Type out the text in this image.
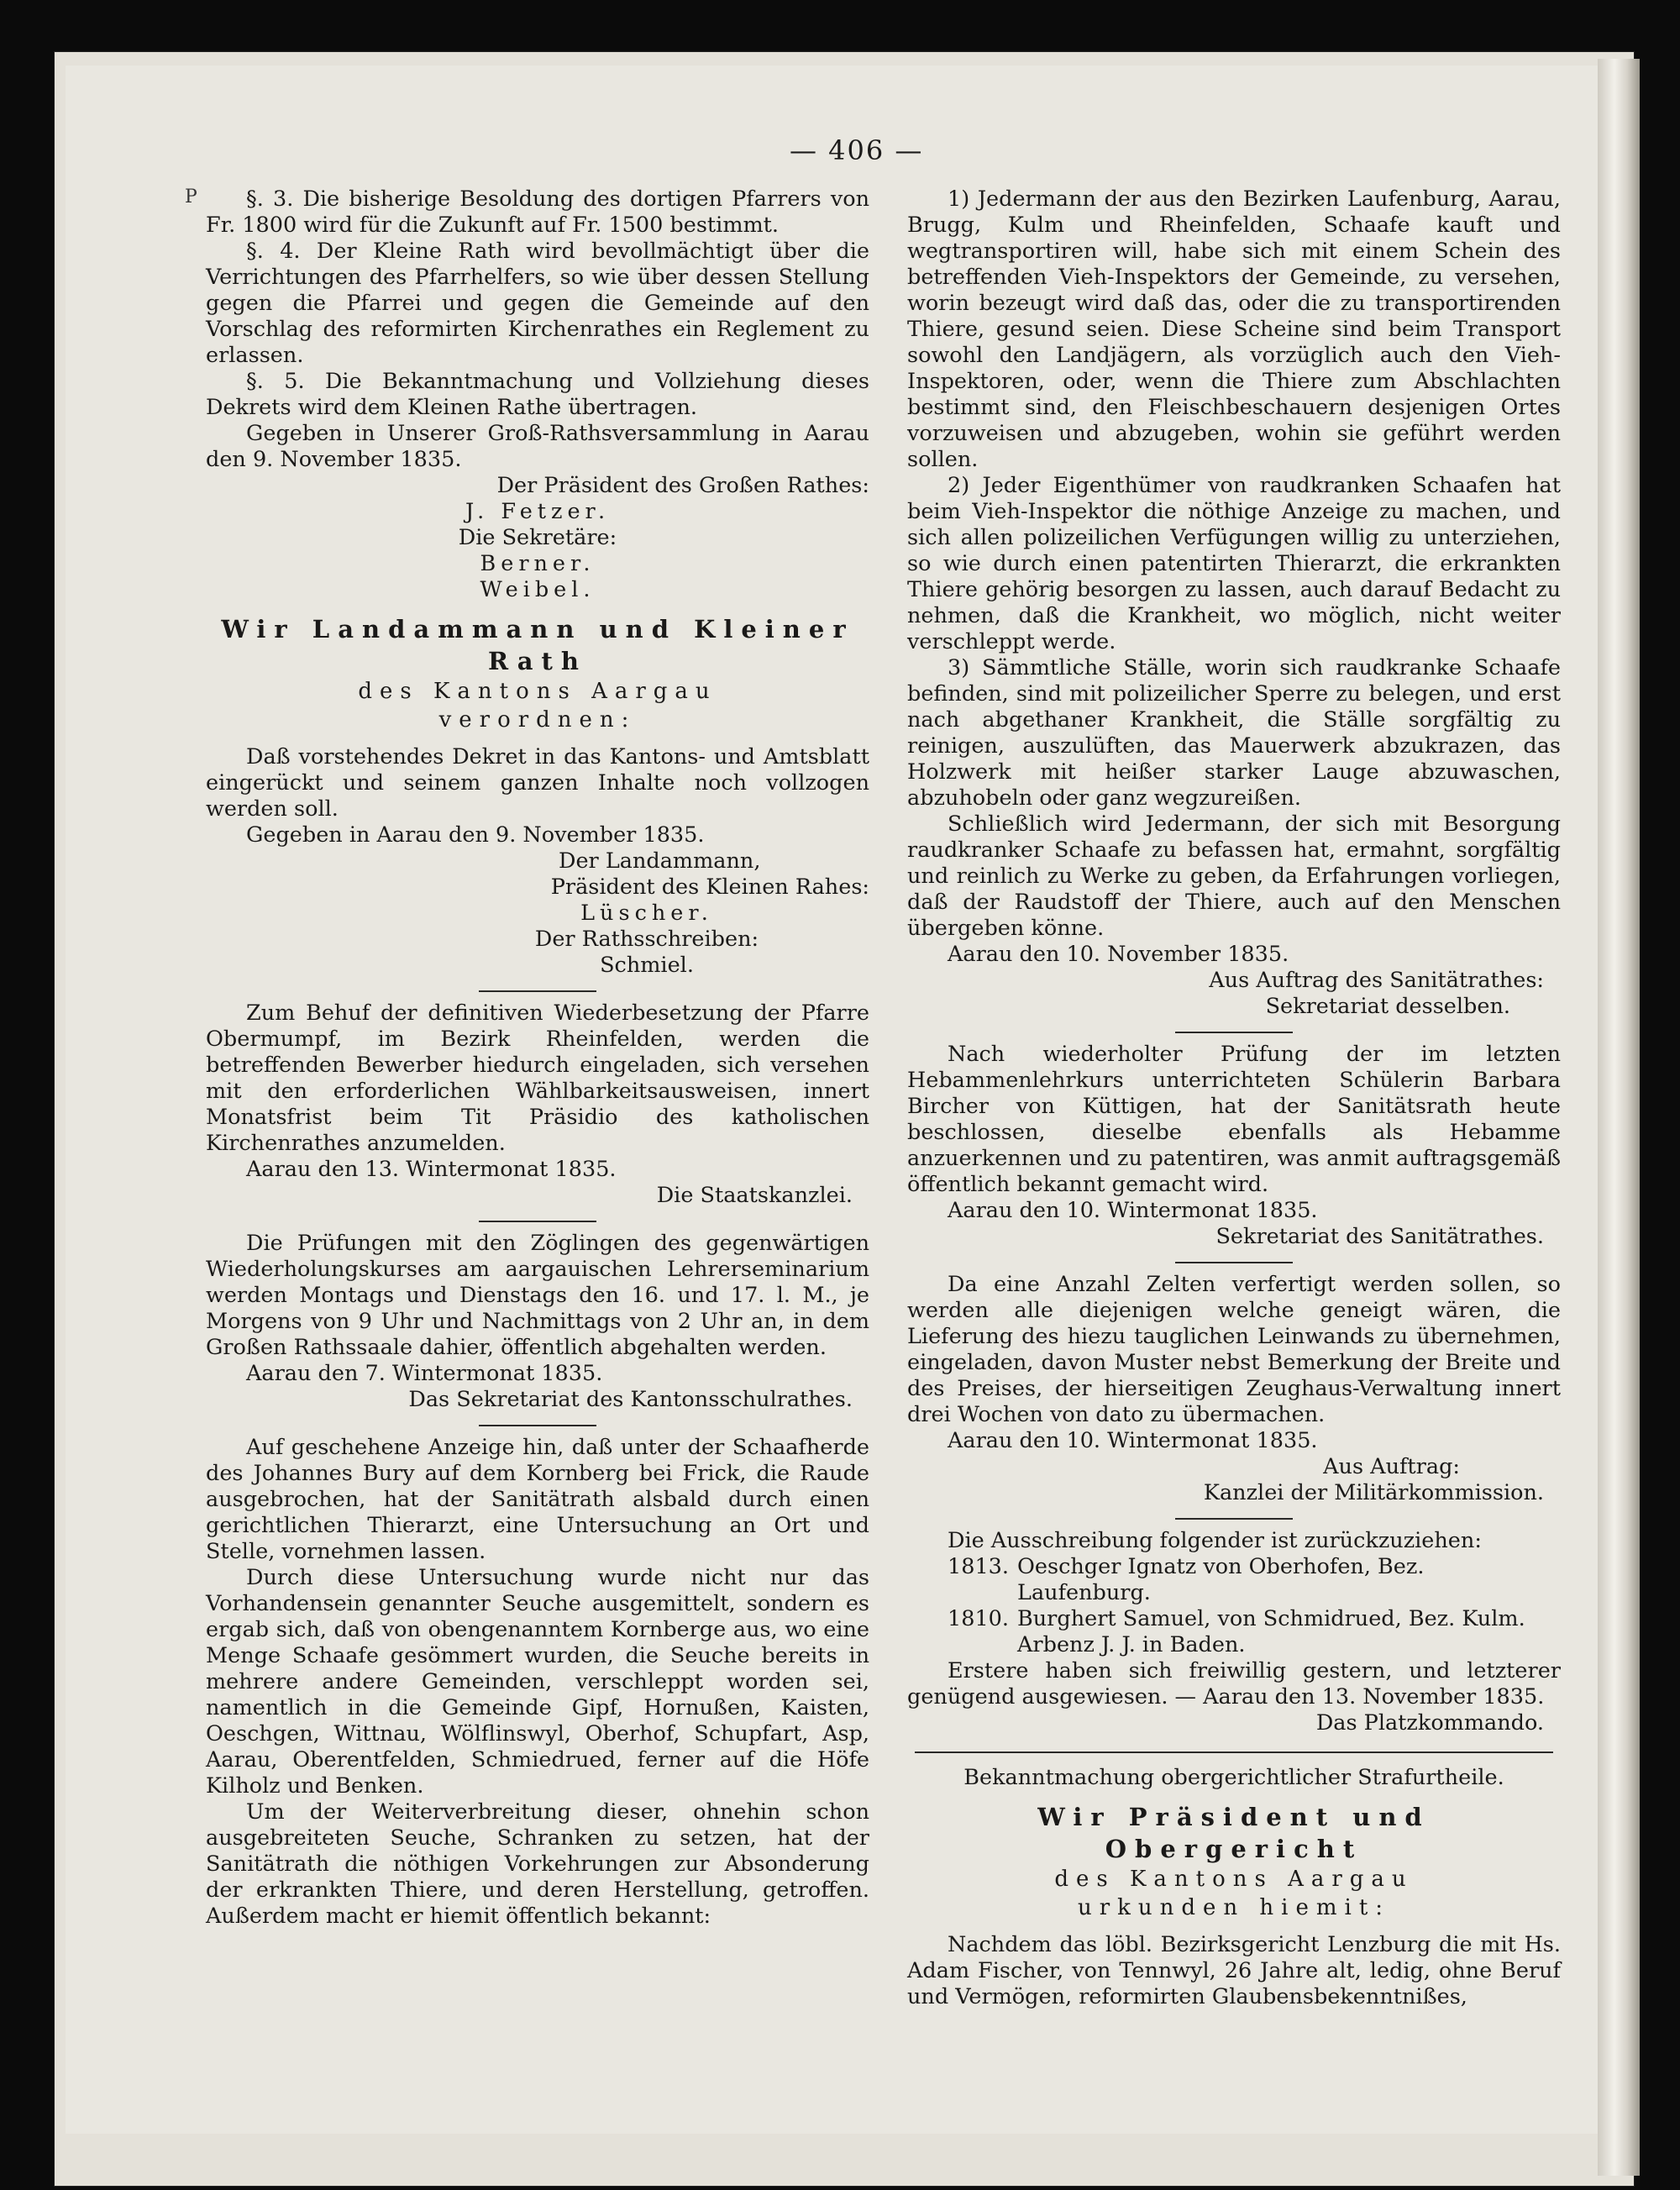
— 406 —
P	§. 3. Die bisherige Besoldung des dortigen Pfarrers von Fr. 1800 wird für die Zukunft auf Fr. 1500 bestimmt.

§. 4. Der Kleine Rath wird bevollmächtigt über die Verrichtungen des Pfarrhelfers, so wie über dessen Stellung gegen die Pfarrei und gegen die Gemeinde auf den Vorschlag des reformirten Kirchenrathes ein Reglement zu erlassen.

§. 5. Die Bekanntmachung und Vollziehung dieses Dekrets wird dem Kleinen Rathe übertragen.

Gegeben in Unserer Groß-Rathsversammlung in Aarau den 9. November 1835.

Der Präsident des Großen Rathes:

J. Fetzer.

Die Sekretäre:

Berner.

Weibel.

Wir Landammann und Kleiner Rath

des Kantons Aargau

verordnen:

Daß vorstehendes Dekret in das Kantons- und Amtsblatt eingerückt und seinem ganzen Inhalte noch vollzogen werden soll.

Gegeben in Aarau den 9. November 1835.

Der Landammann,

Präsident des Kleinen Rahes:

Lüscher.

Der Rathsschreiben:

Schmiel.

Zum Behuf der definitiven Wiederbesetzung der Pfarre Obermumpf, im Bezirk Rheinfelden, werden die betreffenden Bewerber hiedurch eingeladen, sich versehen mit den erforderlichen Wählbarkeitsausweisen, innert Monatsfrist beim Tit Präsidio des katholischen Kirchenrathes anzumelden.

Aarau den 13. Wintermonat 1835.

Die Staatskanzlei.

Die Prüfungen mit den Zöglingen des gegenwärtigen Wiederholungskurses am aargauischen Lehrerseminarium werden Montags und Dienstags den 16. und 17. l. M., je Morgens von 9 Uhr und Nachmittags von 2 Uhr an, in dem Großen Rathssaale dahier, öffentlich abgehalten werden.

Aarau den 7. Wintermonat 1835.

Das Sekretariat des Kantonsschulrathes.

Auf geschehene Anzeige hin, daß unter der Schaafherde des Johannes Bury auf dem Kornberg bei Frick, die Raude ausgebrochen, hat der Sanitätrath alsbald durch einen gerichtlichen Thierarzt, eine Untersuchung an Ort und Stelle, vornehmen lassen.

Durch diese Untersuchung wurde nicht nur das Vorhandensein genannter Seuche ausgemittelt, sondern es ergab sich, daß von obengenanntem Kornberge aus, wo eine Menge Schaafe gesömmert wurden, die Seuche bereits in mehrere andere Gemeinden, verschleppt worden sei, namentlich in die Gemeinde Gipf, Hornußen, Kaisten, Oeschgen, Wittnau, Wölflinswyl, Oberhof, Schupfart, Asp, Aarau, Oberentfelden, Schmiedrued, ferner auf die Höfe Kilholz und Benken.

Um der Weiterverbreitung dieser, ohnehin schon ausgebreiteten Seuche, Schranken zu setzen, hat der Sanitätrath die nöthigen Vorkehrungen zur Absonderung der erkrankten Thiere, und deren Herstellung, getroffen. Außerdem macht er hiemit öffentlich bekannt:

1) Jedermann der aus den Bezirken Laufenburg, Aarau, Brugg, Kulm und Rheinfelden, Schaafe kauft und wegtransportiren will, habe sich mit einem Schein des betreffenden Vieh-Inspektors der Gemeinde, zu versehen, worin bezeugt wird daß das, oder die zu transportirenden Thiere, gesund seien. Diese Scheine sind beim Transport sowohl den Landjägern, als vorzüglich auch den Vieh-Inspektoren, oder, wenn die Thiere zum Abschlachten bestimmt sind, den Fleischbeschauern desjenigen Ortes vorzuweisen und abzugeben, wohin sie geführt werden sollen.

2) Jeder Eigenthümer von raudkranken Schaafen hat beim Vieh-Inspektor die nöthige Anzeige zu machen, und sich allen polizeilichen Verfügungen willig zu unterziehen, so wie durch einen patentirten Thierarzt, die erkrankten Thiere gehörig besorgen zu lassen, auch darauf Bedacht zu nehmen, daß die Krankheit, wo möglich, nicht weiter verschleppt werde.

3) Sämmtliche Ställe, worin sich raudkranke Schaafe befinden, sind mit polizeilicher Sperre zu belegen, und erst nach abgethaner Krankheit, die Ställe sorgfältig zu reinigen, auszulüften, das Mauerwerk abzukrazen, das Holzwerk mit heißer starker Lauge abzuwaschen, abzuhobeln oder ganz wegzureißen.

Schließlich wird Jedermann, der sich mit Besorgung raudkranker Schaafe zu befassen hat, ermahnt, sorgfältig und reinlich zu Werke zu geben, da Erfahrungen vorliegen, daß der Raudstoff der Thiere, auch auf den Menschen übergeben könne.

Aarau den 10. November 1835.

Aus Auftrag des Sanitätrathes:

Sekretariat desselben.

Nach wiederholter Prüfung der im letzten Hebammenlehrkurs unterrichteten Schülerin Barbara Bircher von Küttigen, hat der Sanitätsrath heute beschlossen, dieselbe ebenfalls als Hebamme anzuerkennen und zu patentiren, was anmit auftragsgemäß öffentlich bekannt gemacht wird.

Aarau den 10. Wintermonat 1835.

Sekretariat des Sanitätrathes.

Da eine Anzahl Zelten verfertigt werden sollen, so werden alle diejenigen welche geneigt wären, die Lieferung des hiezu tauglichen Leinwands zu übernehmen, eingeladen, davon Muster nebst Bemerkung der Breite und des Preises, der hierseitigen Zeughaus-Verwaltung innert drei Wochen von dato zu übermachen.

Aarau den 10. Wintermonat 1835.

Aus Auftrag:

Kanzlei der Militärkommission.

Die Ausschreibung folgender ist zurückzuziehen:

1813.	Oeschger Ignatz von Oberhofen, Bez. Laufenburg.
1810.	Burghert Samuel, von Schmidrued, Bez. Kulm.
	Arbenz J. J. in Baden.

Erstere haben sich freiwillig gestern, und letzterer genügend ausgewiesen. — Aarau den 13. November 1835.

Das Platzkommando.

Bekanntmachung obergerichtlicher Strafurtheile.

Wir Präsident und Obergericht

des Kantons Aargau

urkunden hiemit:

Nachdem das löbl. Bezirksgericht Lenzburg die mit Hs. Adam Fischer, von Tennwyl, 26 Jahre alt, ledig, ohne Beruf und Vermögen, reformirten Glaubensbekenntnißes,
